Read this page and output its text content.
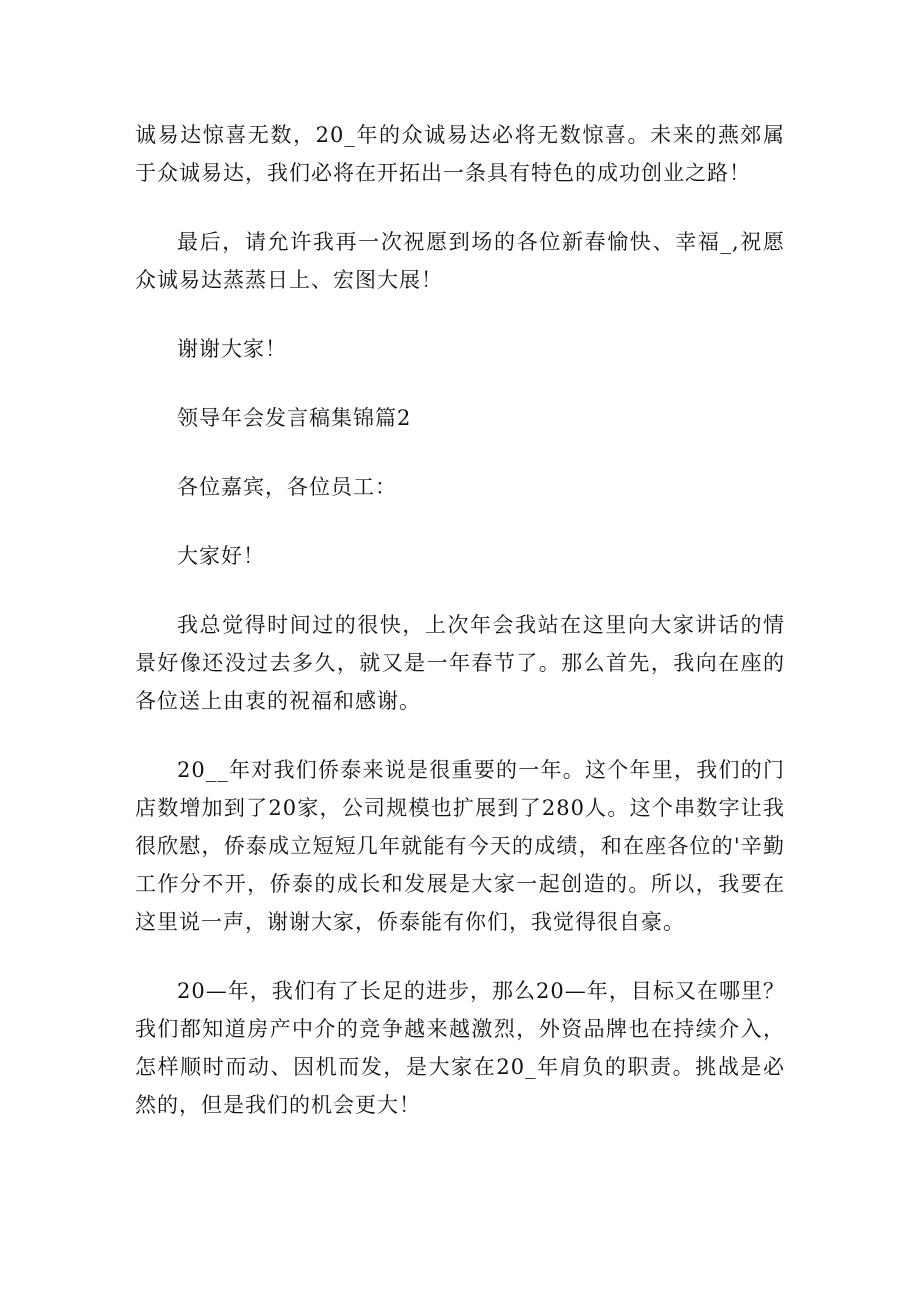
诚易达惊喜无数，20_年的众诚易达必将无数惊喜。未来的燕郊属于众诚易达，我们必将在开拓出一条具有特色的成功创业之路！

最后，请允许我再一次祝愿到场的各位新春愉快、幸福_,祝愿众诚易达蒸蒸日上、宏图大展！

谢谢大家！

领导年会发言稿集锦篇2

各位嘉宾，各位员工：

大家好！

我总觉得时间过的很快，上次年会我站在这里向大家讲话的情景好像还没过去多久，就又是一年春节了。那么首先，我向在座的各位送上由衷的祝福和感谢。

20__年对我们侨泰来说是很重要的一年。这个年里，我们的门店数增加到了20家，公司规模也扩展到了280人。这个串数字让我很欣慰，侨泰成立短短几年就能有今天的成绩，和在座各位的'辛勤工作分不开，侨泰的成长和发展是大家一起创造的。所以，我要在这里说一声，谢谢大家，侨泰能有你们，我觉得很自豪。

20—年，我们有了长足的进步，那么20—年，目标又在哪里？我们都知道房产中介的竞争越来越激烈，外资品牌也在持续介入，怎样顺时而动、因机而发，是大家在20_年肩负的职责。挑战是必然的，但是我们的机会更大！
